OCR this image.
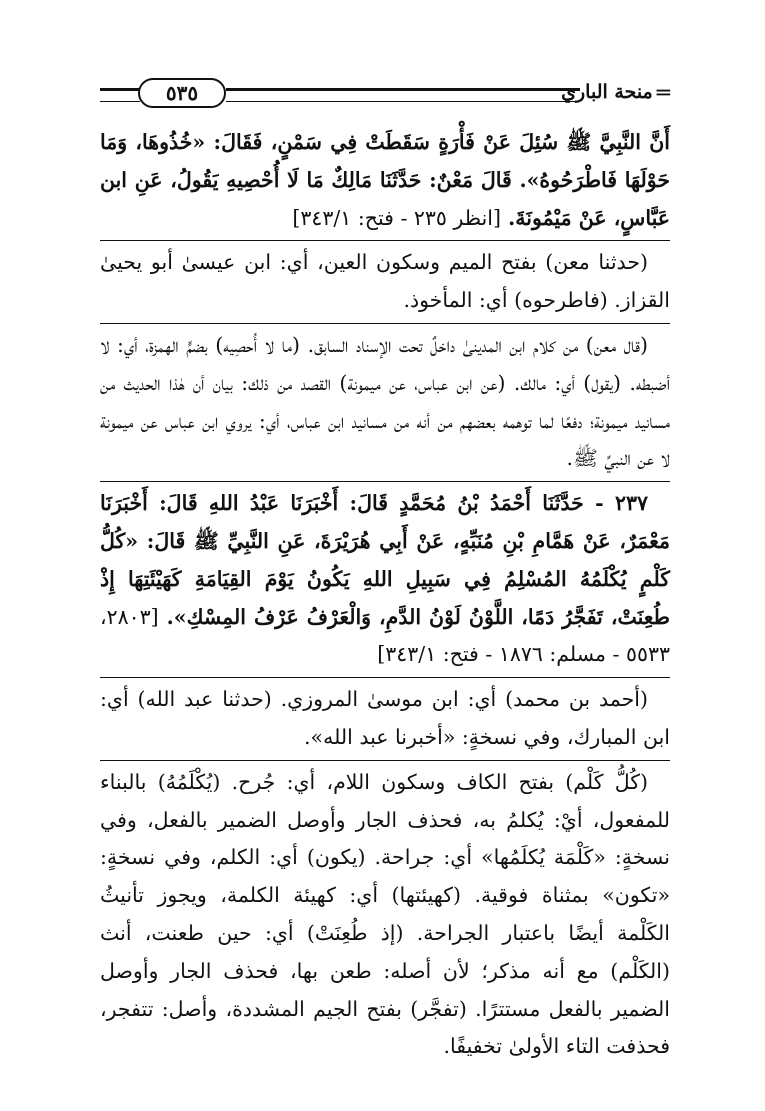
═منحة الباري
٥٣٥

أَنَّ النَّبِيَّ ﷺ سُئِلَ عَنْ فَأْرَةٍ سَقَطَتْ فِي سَمْنٍ، فَقَالَ: «خُذُوهَا، وَمَا حَوْلَهَا فَاطْرَحُوهُ». قَالَ مَعْنٌ: حَدَّثَنَا مَالِكٌ مَا لَا أُحْصِيهِ يَقُولُ، عَنِ ابن عَبَّاسٍ، عَنْ مَيْمُونَةَ. [انظر ٢٣٥ - فتح: ٣٤٣/١]

(حدثنا معن) بفتح الميم وسكون العين، أي: ابن عيسىٰ أبو يحيىٰ القزاز. (فاطرحوه) أي: المأخوذ.

(قال معن) من كلام ابن المدينىٰ داخلٌ تحت الإسناد السابق. (ما لا أُحصِيه) بضمٍّ الهمزة، أي: لا أضبطه. (يقول) أي: مالك. (عن ابن عباس، عن ميمونة) القصد من ذلك: بيان أن هٰذا الحديث من مسانيد ميمونة؛ دفعًا لما توهمه بعضهم من أنه من مسانيد ابن عباس، أي: يروي ابن عباس عن ميمونة لا عن النبيِّ ﷺ.

٢٣٧ - حَدَّثَنَا أَحْمَدُ بْنُ مُحَمَّدٍ قَالَ: أَخْبَرَنَا عَبْدُ اللهِ قَالَ: أَخْبَرَنَا مَعْمَرٌ، عَنْ هَمَّامِ بْنِ مُنَبِّهٍ، عَنْ أَبِي هُرَيْرَةَ، عَنِ النَّبِيِّ ﷺ قَالَ: «كُلُّ كَلْمٍ يُكْلَمُهُ المُسْلِمُ فِي سَبِيلِ اللهِ يَكُونُ يَوْمَ القِيَامَةِ كَهَيْئَتِهَا إِذْ طُعِنَتْ، تَفَجَّرُ دَمًا، اللَّوْنُ لَوْنُ الدَّمِ، وَالْعَرْفُ عَرْفُ المِسْكِ». [٢٨٠٣، ٥٥٣٣ - مسلم: ١٨٧٦ - فتح: ٣٤٣/١]

(أحمد بن محمد) أي: ابن موسىٰ المروزي. (حدثنا عبد الله) أي: ابن المبارك، وفي نسخةٍ: «أخبرنا عبد الله».

(كُلُّ كَلْم) بفتح الكاف وسكون اللام، أي: جُرح. (يُكْلَمُهُ) بالبناء للمفعول، أيْ: يُكلمُ به، فحذف الجار وأوصل الضمير بالفعل، وفي نسخةٍ: «كَلْمَة يُكلَمُها» أي: جراحة. (يكون) أي: الكلم، وفي نسخةٍ: «تكون» بمثناة فوقية. (كهيئتها) أي: كهيئة الكلمة، ويجوز تأنيثُ الكَلْمة أيضًا باعتبار الجراحة. (إذ طُعِنَتْ) أي: حين طعنت، أنث (الكَلْم) مع أنه مذكر؛ لأن أصله: طعن بها، فحذف الجار وأوصل الضمير بالفعل مستترًا. (تفجَّر) بفتح الجيم المشددة، وأصل: تتفجر، فحذفت التاء الأولىٰ تخفيفًا.
